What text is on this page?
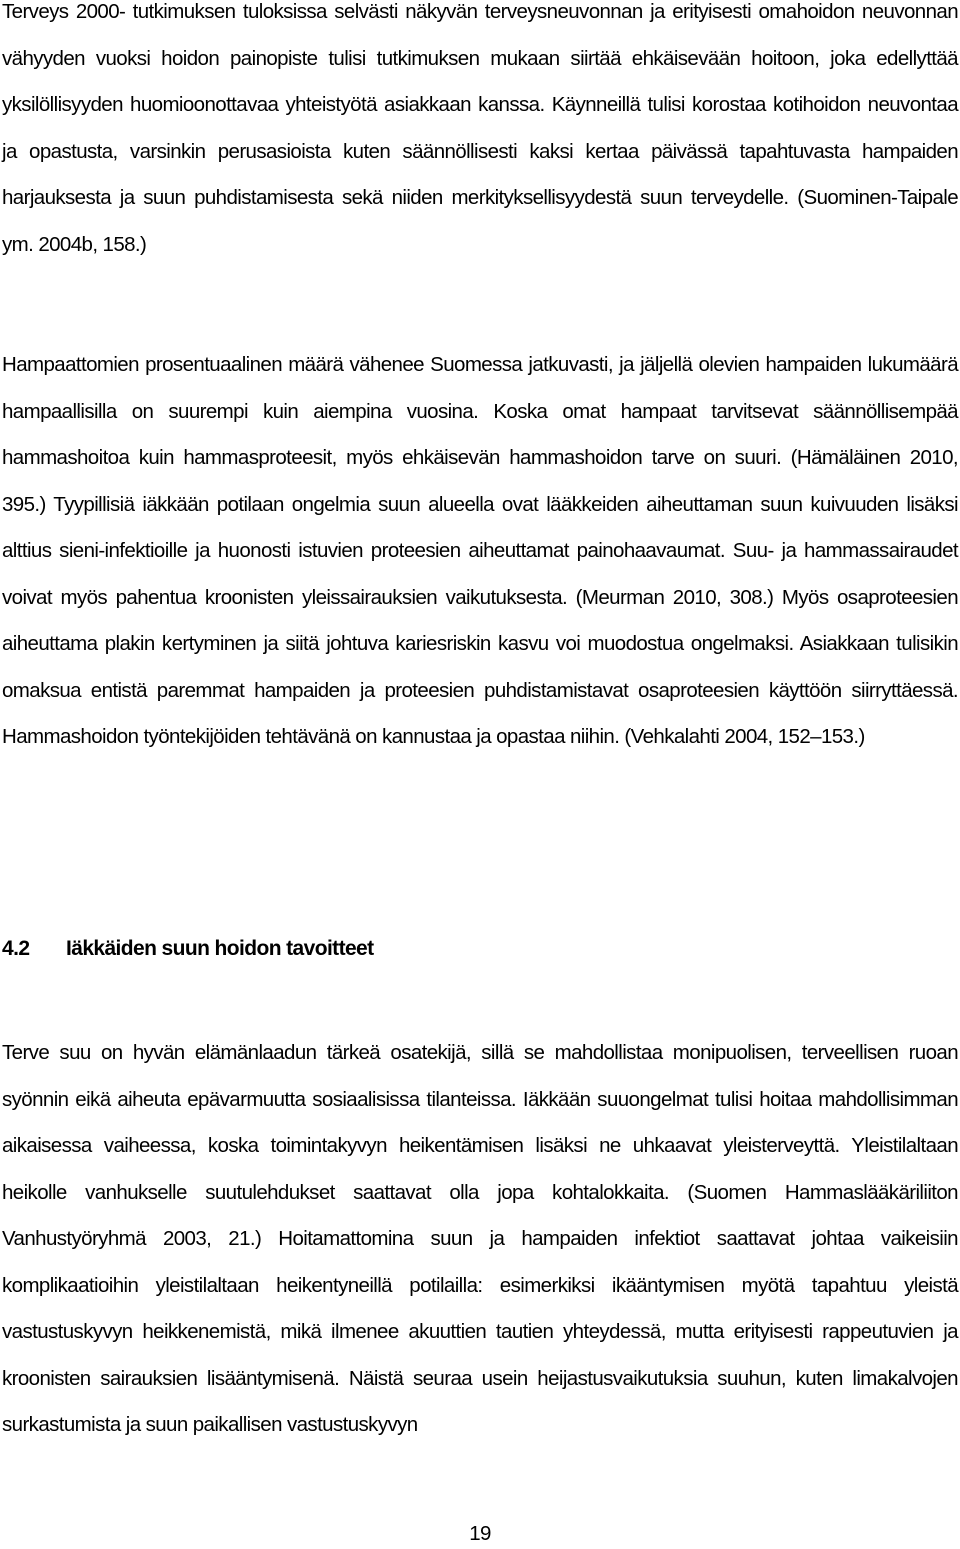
Terveys 2000- tutkimuksen tuloksissa selvästi näkyvän terveysneuvonnan ja erityisesti omahoidon neuvonnan vähyyden vuoksi hoidon painopiste tulisi tutkimuksen mukaan siirtää ehkäisevään hoitoon, joka edellyttää yksilöllisyyden huomioonottavaa yhteistyötä asiakkaan kanssa. Käynneillä tulisi korostaa kotihoidon neuvontaa ja opastusta, varsinkin perusasioista kuten säännöllisesti kaksi kertaa päivässä tapahtuvasta hampaiden harjauksesta ja suun puhdistamisesta sekä niiden merkityksellisyydestä suun terveydelle. (Suominen-Taipale ym. 2004b, 158.)

Hampaattomien prosentuaalinen määrä vähenee Suomessa jatkuvasti, ja jäljellä olevien hampaiden lukumäärä hampaallisilla on suurempi kuin aiempina vuosina. Koska omat hampaat tarvitsevat säännöllisempää hammashoitoa kuin hammasproteesit, myös ehkäisevän hammashoidon tarve on suuri. (Hämäläinen 2010, 395.) Tyypillisiä iäkkään potilaan ongelmia suun alueella ovat lääkkeiden aiheuttaman suun kuivuuden lisäksi alttius sieni-infektioille ja huonosti istuvien proteesien aiheuttamat painohaavaumat. Suu- ja hammassairaudet voivat myös pahentua kroonisten yleissairauksien vaikutuksesta. (Meurman 2010, 308.) Myös osaproteesien aiheuttama plakin kertyminen ja siitä johtuva kariesriskin kasvu voi muodostua ongelmaksi. Asiakkaan tulisikin omaksua entistä paremmat hampaiden ja proteesien puhdistamistavat osaproteesien käyttöön siirryttäessä. Hammashoidon työntekijöiden tehtävänä on kannustaa ja opastaa niihin. (Vehkalahti 2004, 152–153.)

4.2 Iäkkäiden suun hoidon tavoitteet

Terve suu on hyvän elämänlaadun tärkeä osatekijä, sillä se mahdollistaa monipuolisen, terveellisen ruoan syönnin eikä aiheuta epävarmuutta sosiaalisissa tilanteissa. Iäkkään suuongelmat tulisi hoitaa mahdollisimman aikaisessa vaiheessa, koska toimintakyvyn heikentämisen lisäksi ne uhkaavat yleisterveyttä. Yleistilaltaan heikolle vanhukselle suutulehdukset saattavat olla jopa kohtalokkaita. (Suomen Hammaslääkäriliiton Vanhustyöryhmä 2003, 21.) Hoitamattomina suun ja hampaiden infektiot saattavat johtaa vaikeisiin komplikaatioihin yleistilaltaan heikentyneillä potilailla: esimerkiksi ikääntymisen myötä tapahtuu yleistä vastustuskyvyn heikkenemistä, mikä ilmenee akuuttien tautien yhteydessä, mutta erityisesti rappeutuvien ja kroonisten sairauksien lisääntymisenä. Näistä seuraa usein heijastusvaikutuksia suuhun, kuten limakalvojen surkastumista ja suun paikallisen vastustuskyvyn

19
